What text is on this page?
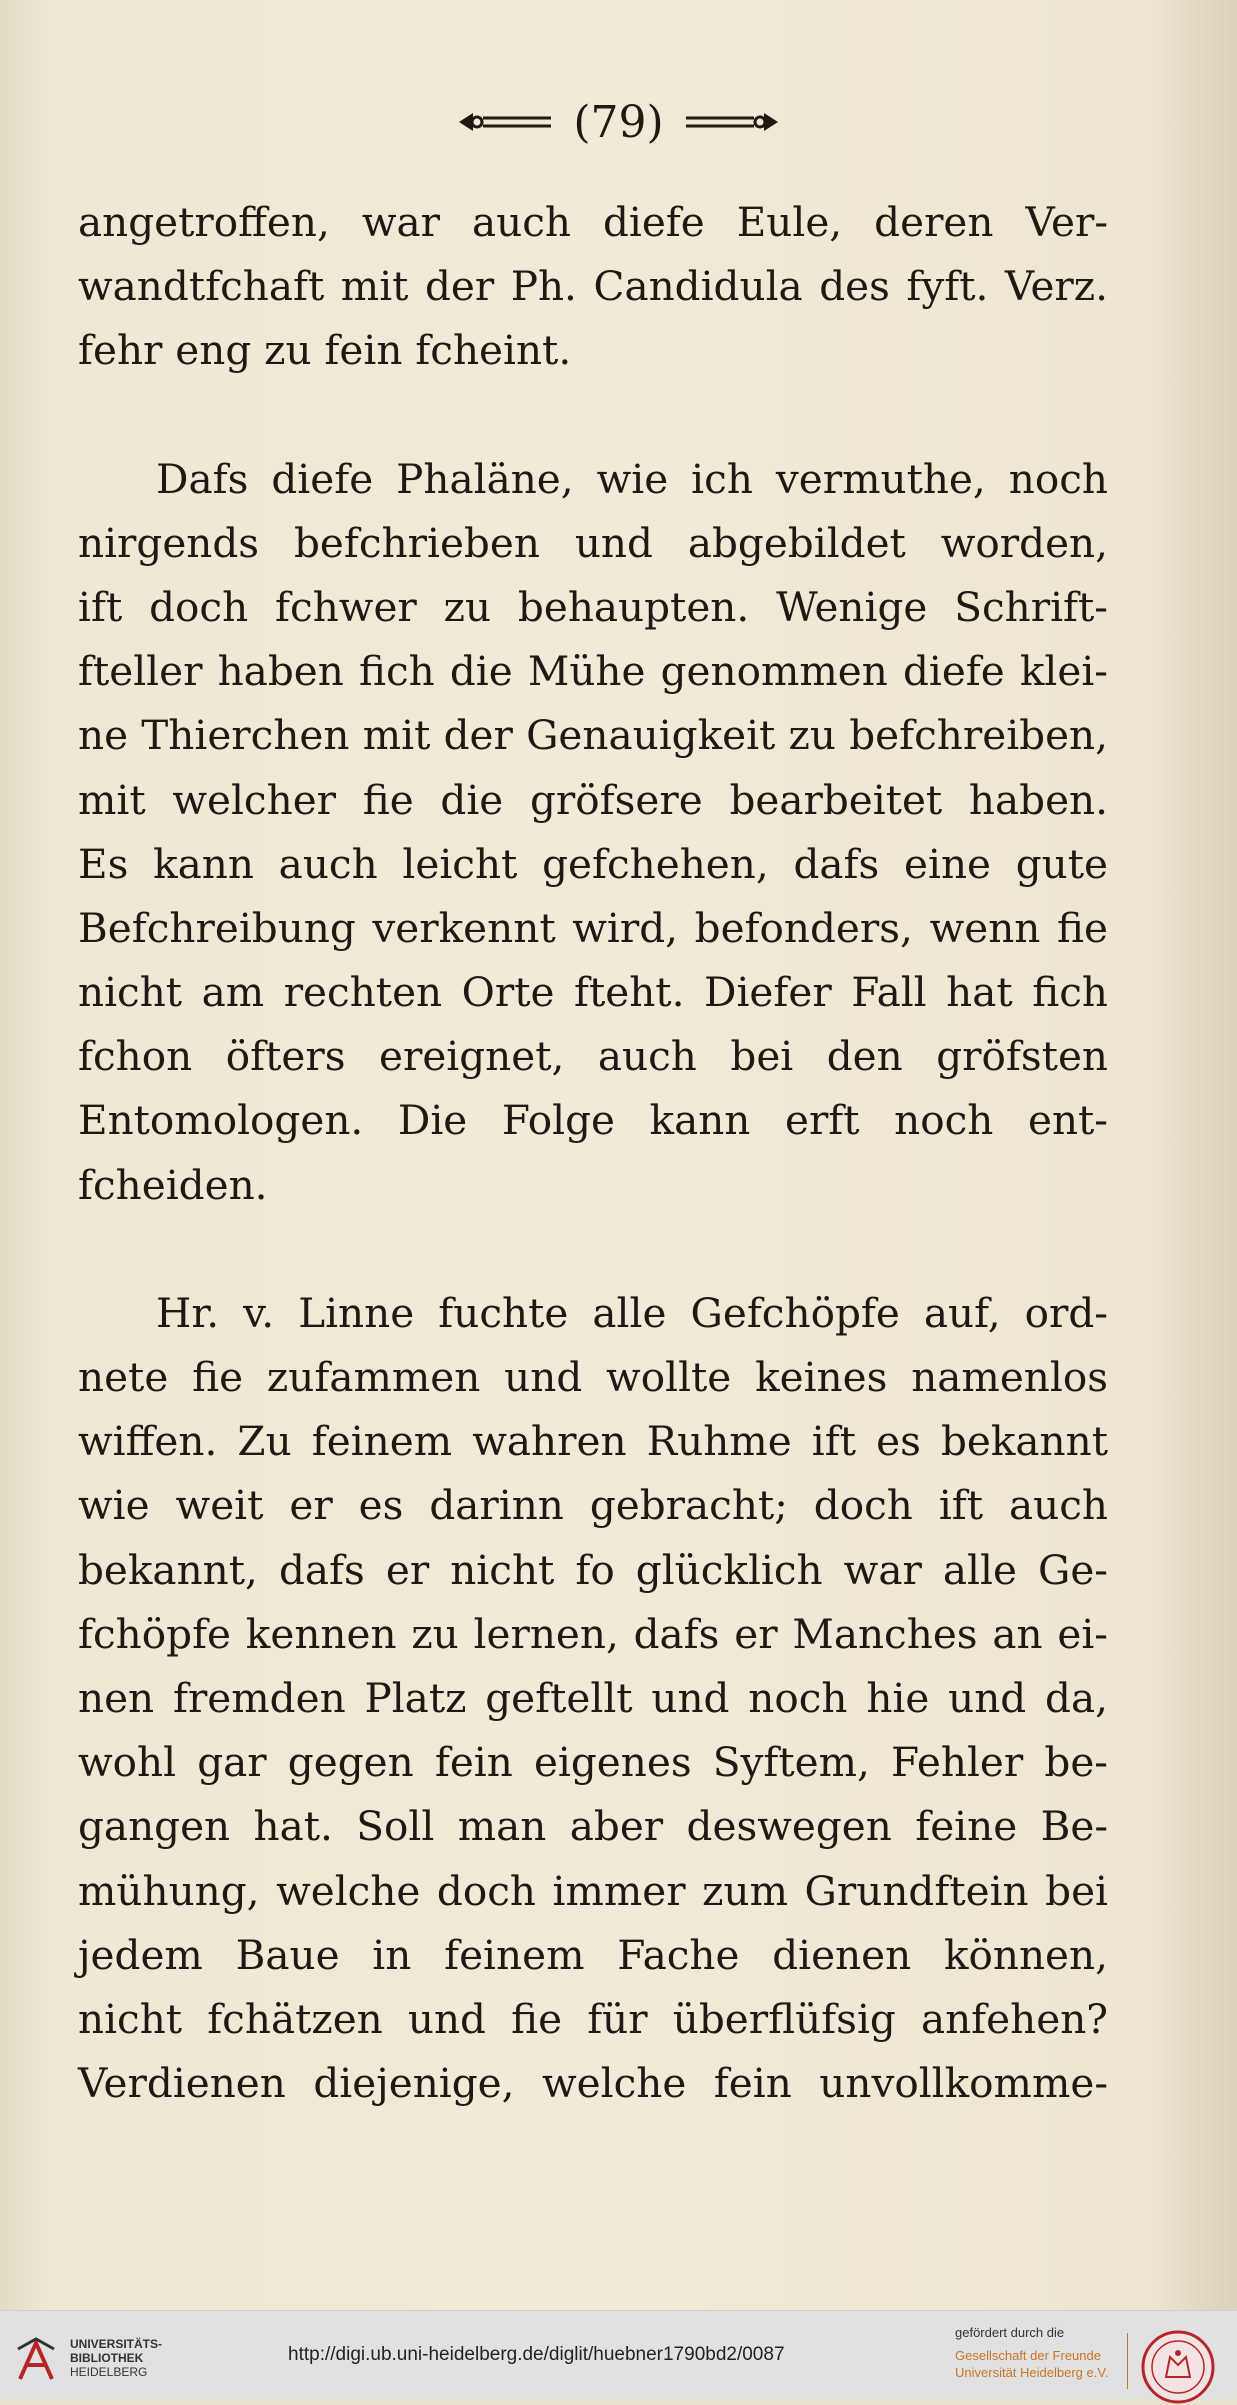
(79)
angetroffen, war auch diefe Eule, deren Ver-
wandtfchaft mit der Ph. Candidula des fyft. Verz.
fehr eng zu fein fcheint.
Dafs diefe Phaläne, wie ich vermuthe, noch
nirgends befchrieben und abgebildet worden,
ift doch fchwer zu behaupten. Wenige Schrift-
fteller haben fich die Mühe genommen diefe klei-
ne Thierchen mit der Genauigkeit zu befchreiben,
mit welcher fie die gröfsere bearbeitet haben.
Es kann auch leicht gefchehen, dafs eine gute
Befchreibung verkennt wird, befonders, wenn fie
nicht am rechten Orte fteht. Diefer Fall hat fich
fchon öfters ereignet, auch bei den gröfsten
Entomologen. Die Folge kann erft noch ent-
fcheiden.
Hr. v. Linne fuchte alle Gefchöpfe auf, ord-
nete fie zufammen und wollte keines namenlos
wiffen. Zu feinem wahren Ruhme ift es bekannt
wie weit er es darinn gebracht; doch ift auch
bekannt, dafs er nicht fo glücklich war alle Ge-
fchöpfe kennen zu lernen, dafs er Manches an ei-
nen fremden Platz geftellt und noch hie und da,
wohl gar gegen fein eigenes Syftem, Fehler be-
gangen hat. Soll man aber deswegen feine Be-
mühung, welche doch immer zum Grundftein bei
jedem Baue in feinem Fache dienen können,
nicht fchätzen und fie für überflüfsig anfehen?
Verdienen diejenige, welche fein unvollkomme-
UNIVERSITÄTS-
BIBLIOTHEK
HEIDELBERG
http://digi.ub.uni-heidelberg.de/diglit/huebner1790bd2/0087
gefördert durch die
Gesellschaft der Freunde
Universität Heidelberg e.V.
